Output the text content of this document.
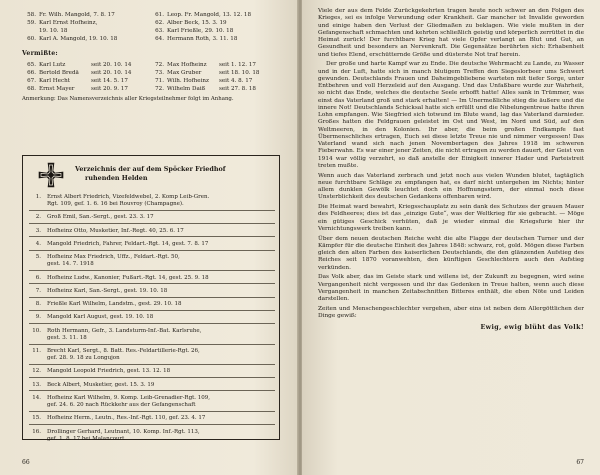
58. Fr. Wilh. Mangold, 7. 8. 17
59. Karl Ernst Hofheinz,
19. 10. 18
60. Karl A. Mangold, 19. 10. 18
61. Leop. Fr. Mangold, 13. 12. 18
62. Alber Beck, 15. 3. 19
63. Karl Frießle, 29. 10. 18
64. Hermann Roth, 3. 11. 18
Vermißte:
65. Karl Lutz	seit 20. 10. 14
66. Bertold Bredä seit 20. 10. 14
67. Karl Hecht	seit 14. 5. 17
68. Ernst Mayer	seit 20. 9. 17
72. Max Hofheinz seit 1. 12. 17
73. Max Gruber	seit 18. 10. 18
71. Wilh. Hofheinz seit 4. 8. 17
72. Wilhelm Daiß seit 27. 8. 18
Anmerkung: Das Namensverzeichnis aller Kriegsteilnehmer folgt im Anhang.
Verzeichnis der auf dem Spöcker Friedhof
ruhenden Helden
1. Ernst Albert Friedrich, Vizefeldwebel, 2. Komp Leib-Gren.
Rgt. 109, gef. 1. 6. 16 bei Rouvroy (Champagne).
2. Groß Emil, San.-Sergt., gest. 23. 3. 17
3. Hofheinz Otto, Musketier, Inf.-Regt. 40, 25. 6. 17
4. Mangold Friedrich, Fahrer, Feldart.-Rgt. 14, gest. 7. 8. 17
5. Hofheinz Max Friedrich, Uffz., Feldart.-Rgt. 50,
gest. 14. 7. 1918
6. Hofheinz Ludw., Kanonier, Fußart.-Rgt. 14, gest. 25. 9. 18
7. Hofheinz Karl, San.-Sergt., gest. 19. 10. 18
8. Frießle Karl Wilhelm, Landstm., gest. 29. 10. 18
9. Mangold Karl August, gest. 19. 10. 18
10. Roth Hermann, Gefr., 3. Landsturm-Inf.-Bat. Karlsruhe,
gest. 3. 11. 18
11. Brecht Karl, Sergt., 8. Batt. Res.-Feldartillerie-Rgt. 26,
gef. 28. 9. 18 zu Longujon
12. Mangold Leopold Friedrich, gest. 13. 12. 18
13. Beck Albert, Musketier, gest. 15. 3. 19
14. Hofheinz Karl Wilhelm, 9. Komp. Leib-Grenadier-Rgt. 109,
gef. 24. 6. 20 nach Rückkehr aus der Gefangenschaft
15. Hofheinz Herm., Leutn., Res.-Inf.-Rgt. 110, gef. 23. 4. 17
16. Drollinger Gerhard, Leutnant, 10. Komp. Inf.-Rgt. 113,
gef. 1. 8. 17 bei Malancourt
66

Viele der aus dem Felde Zurückgekehrten tragen heute noch schwer an den Folgen des Krieges, sei es infolge Verwundung oder Krankheit. Gar mancher ist Invalide geworden und einige haben den Verlust der Gliedmaßen zu beklagen. Wie viele mußten in der Gefangenschaft schmachten und kehrten schließlich geistig und körperlich zerrüttet in die Heimat zurück! Der furchtbare Krieg hat viele Opfer verlangt an Blut und Gut, an Gesundheit und besonders an Nervenkraft. Die Gegensätze berührten sich: Erhabenheit und tiefes Elend, erschütternde Größe und düsterste Not traf herein.

Der große und harte Kampf war zu Ende. Die deutsche Wehrmacht zu Lande, zu Wasser und in der Luft, hatte sich in manch blutigem Treffen den Siegeslorbeer ums Schwert gewunden. Deutschlands Frauen und Daheimgebliebene warteten mit tiefer Sorge, unter Entbehren und voll Herzeleid auf den Ausgang. Und das Unfaßbare wurde zur Wahrheit, so nicht das Ende, welches die deutsche Seele erhofft hatte! Alles sank in Trümmer, was einst das Vaterland groß und stark erhalten! — Im Unermeßliche stieg die äußere und die innere Not! Deutschlands Schicksal hatte sich erfüllt und die Nibelungentreue hatte ihren Lohn empfangen. Wie Siegfried sich totwund im Blute wand, lag das Vaterland darnieder. Großes hatten die Feldgrauen geleistet im Ost und West, im Nord und Süd, auf den Weltmeeren, in den Kolonien. Ihr aber, die beim großen Endkampfe fast Übermenschliches ertragen, Euch sei diese letzte Treue nie und nimmer vergessen! Das Vaterland wand sich nach jenen Novembertagen des Jahres 1918 im schweren Fieberwahn. Es war einer jener Zeiten, die nicht ertragen zu werden dauert, der Geist von 1914 war völlig verzehrt, so daß anstelle der Einigkeit innerer Hader und Parteistreit treten mußte.

Wenn auch das Vaterland zerbrach und jetzt noch aus vielen Wunden blutet, tagtäglich neue furchtbare Schläge zu empfangen hat, es darf nicht untergehen im Nichts; hinter allem dunklen Gewölk leuchtet doch ein Hoffnungsstern, der einmal noch diese Unsterblichkeit des deutschen Gedankens offenbaren wird.

Die Heimat ward bewahrt, Kriegsschauplatz zu sein dank des Schutzes der grauen Mauer des Feldheeres; dies ist das „einzige Gute“, was der Weltkrieg für sie gebracht. — Möge ein gütiges Geschick verhüten, daß je wieder einmal die Kriegsfurie hier ihr Vernichtungswerk treiben kann.

Über dem neuen deutschen Reiche weht die alte Flagge der deutschen Turner und der Kämpfer für die deutsche Einheit des Jahres 1848: schwarz, rot, gold. Mögen diese Farben gleich den alten Farben des kaiserlichen Deutschlands, die den glänzenden Aufstieg des Reiches seit 1870 voranwehten, den künftigen Geschlechtern auch den Aufstieg verkünden.

Das Volk aber, das im Geiste stark und willens ist, der Zukunft zu begegnen, wird seine Vergangenheit nicht vergessen und ihr das Gedenken in Treue halten, wenn auch diese Vergangenheit in manchen Zeitabschnitten Bitteres enthält, die eben Nöte und Leiden darstellen.

Zeiten und Menschengeschlechter vergehen, aber eins ist neben dem Allergöttlichen der Dinge gewiß:

Ewig, ewig blüht das Volk!
67
